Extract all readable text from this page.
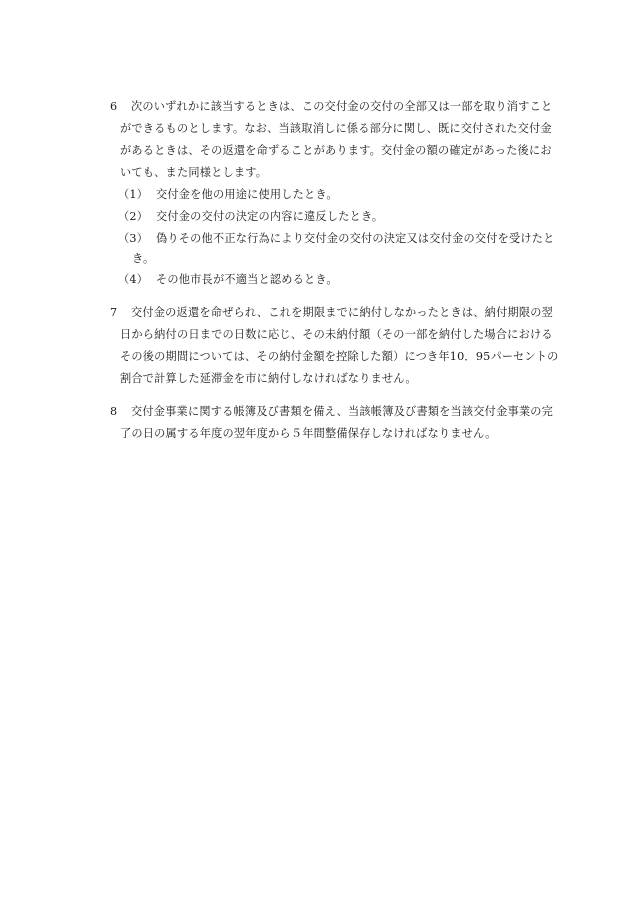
6 次のいずれかに該当するときは、この交付金の交付の全部又は一部を取り消すこと
ができるものとします。なお、当該取消しに係る部分に関し、既に交付された交付金
があるときは、その返還を命ずることがあります。交付金の額の確定があった後にお
いても、また同様とします。
（1） 交付金を他の用途に使用したとき。
（2） 交付金の交付の決定の内容に違反したとき。
（3） 偽りその他不正な行為により交付金の交付の決定又は交付金の交付を受けたと
き。
（4） その他市長が不適当と認めるとき。
7 交付金の返還を命ぜられ、これを期限までに納付しなかったときは、納付期限の翌
日から納付の日までの日数に応じ、その未納付額（その一部を納付した場合における
その後の期間については、その納付金額を控除した額）につき年10．95パーセントの
割合で計算した延滞金を市に納付しなければなりません。
8 交付金事業に関する帳簿及び書類を備え、当該帳簿及び書類を当該交付金事業の完
了の日の属する年度の翌年度から５年間整備保存しなければなりません。
